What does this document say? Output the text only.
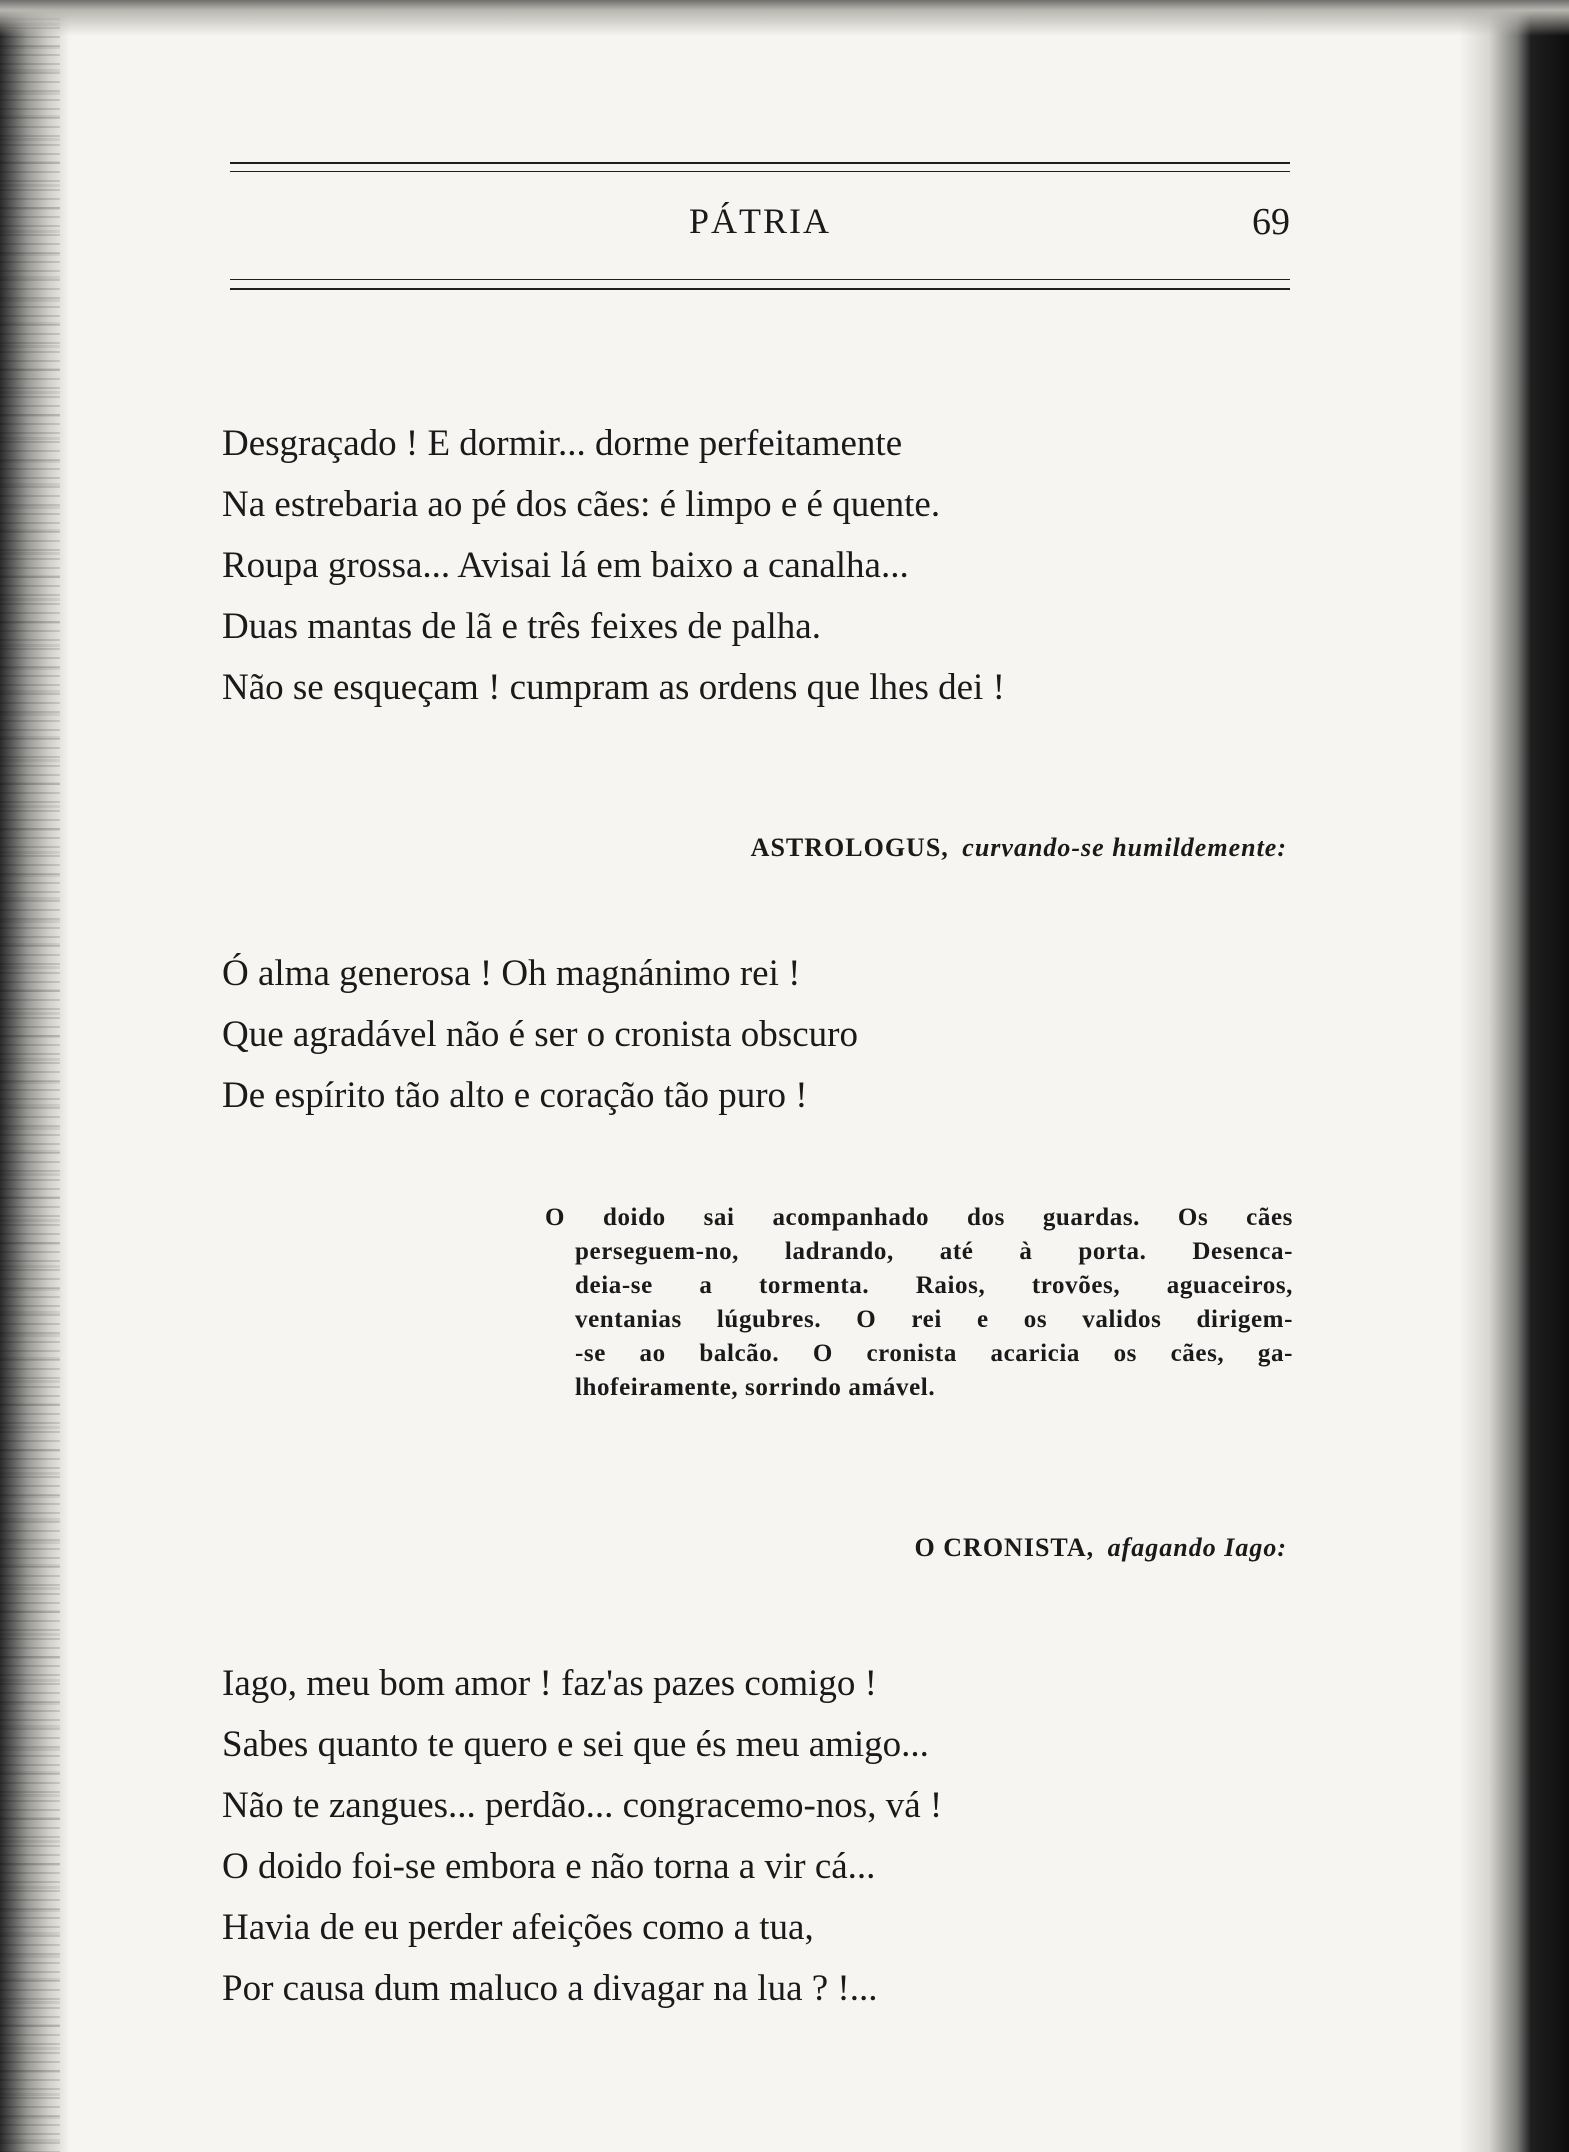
PÁTRIA	69
Desgraçado ! E dormir... dorme perfeitamente
Na estrebaria ao pé dos cães: é limpo e é quente.
Roupa grossa... Avisai lá em baixo a canalha...
Duas mantas de lã e três feixes de palha.
Não se esqueçam ! cumpram as ordens que lhes dei !
ASTROLOGUS, curvando-se humildemente:
Ó alma generosa ! Oh magnánimo rei !
Que agradável não é ser o cronista obscuro
De espírito tão alto e coração tão puro !
O doido sai acompanhado dos guardas. Os cães
perseguem-no, ladrando, até à porta. Desenca-
deia-se a tormenta. Raios, trovões, aguaceiros,
ventanias lúgubres. O rei e os validos dirigem-
-se ao balcão. O cronista acaricia os cães, ga-
lhofeiramente, sorrindo amável.
O CRONISTA, afagando Iago:
Iago, meu bom amor ! faz'as pazes comigo !
Sabes quanto te quero e sei que és meu amigo...
Não te zangues... perdão... congracemo-nos, vá !
O doido foi-se embora e não torna a vir cá...
Havia de eu perder afeições como a tua,
Por causa dum maluco a divagar na lua ? !...
